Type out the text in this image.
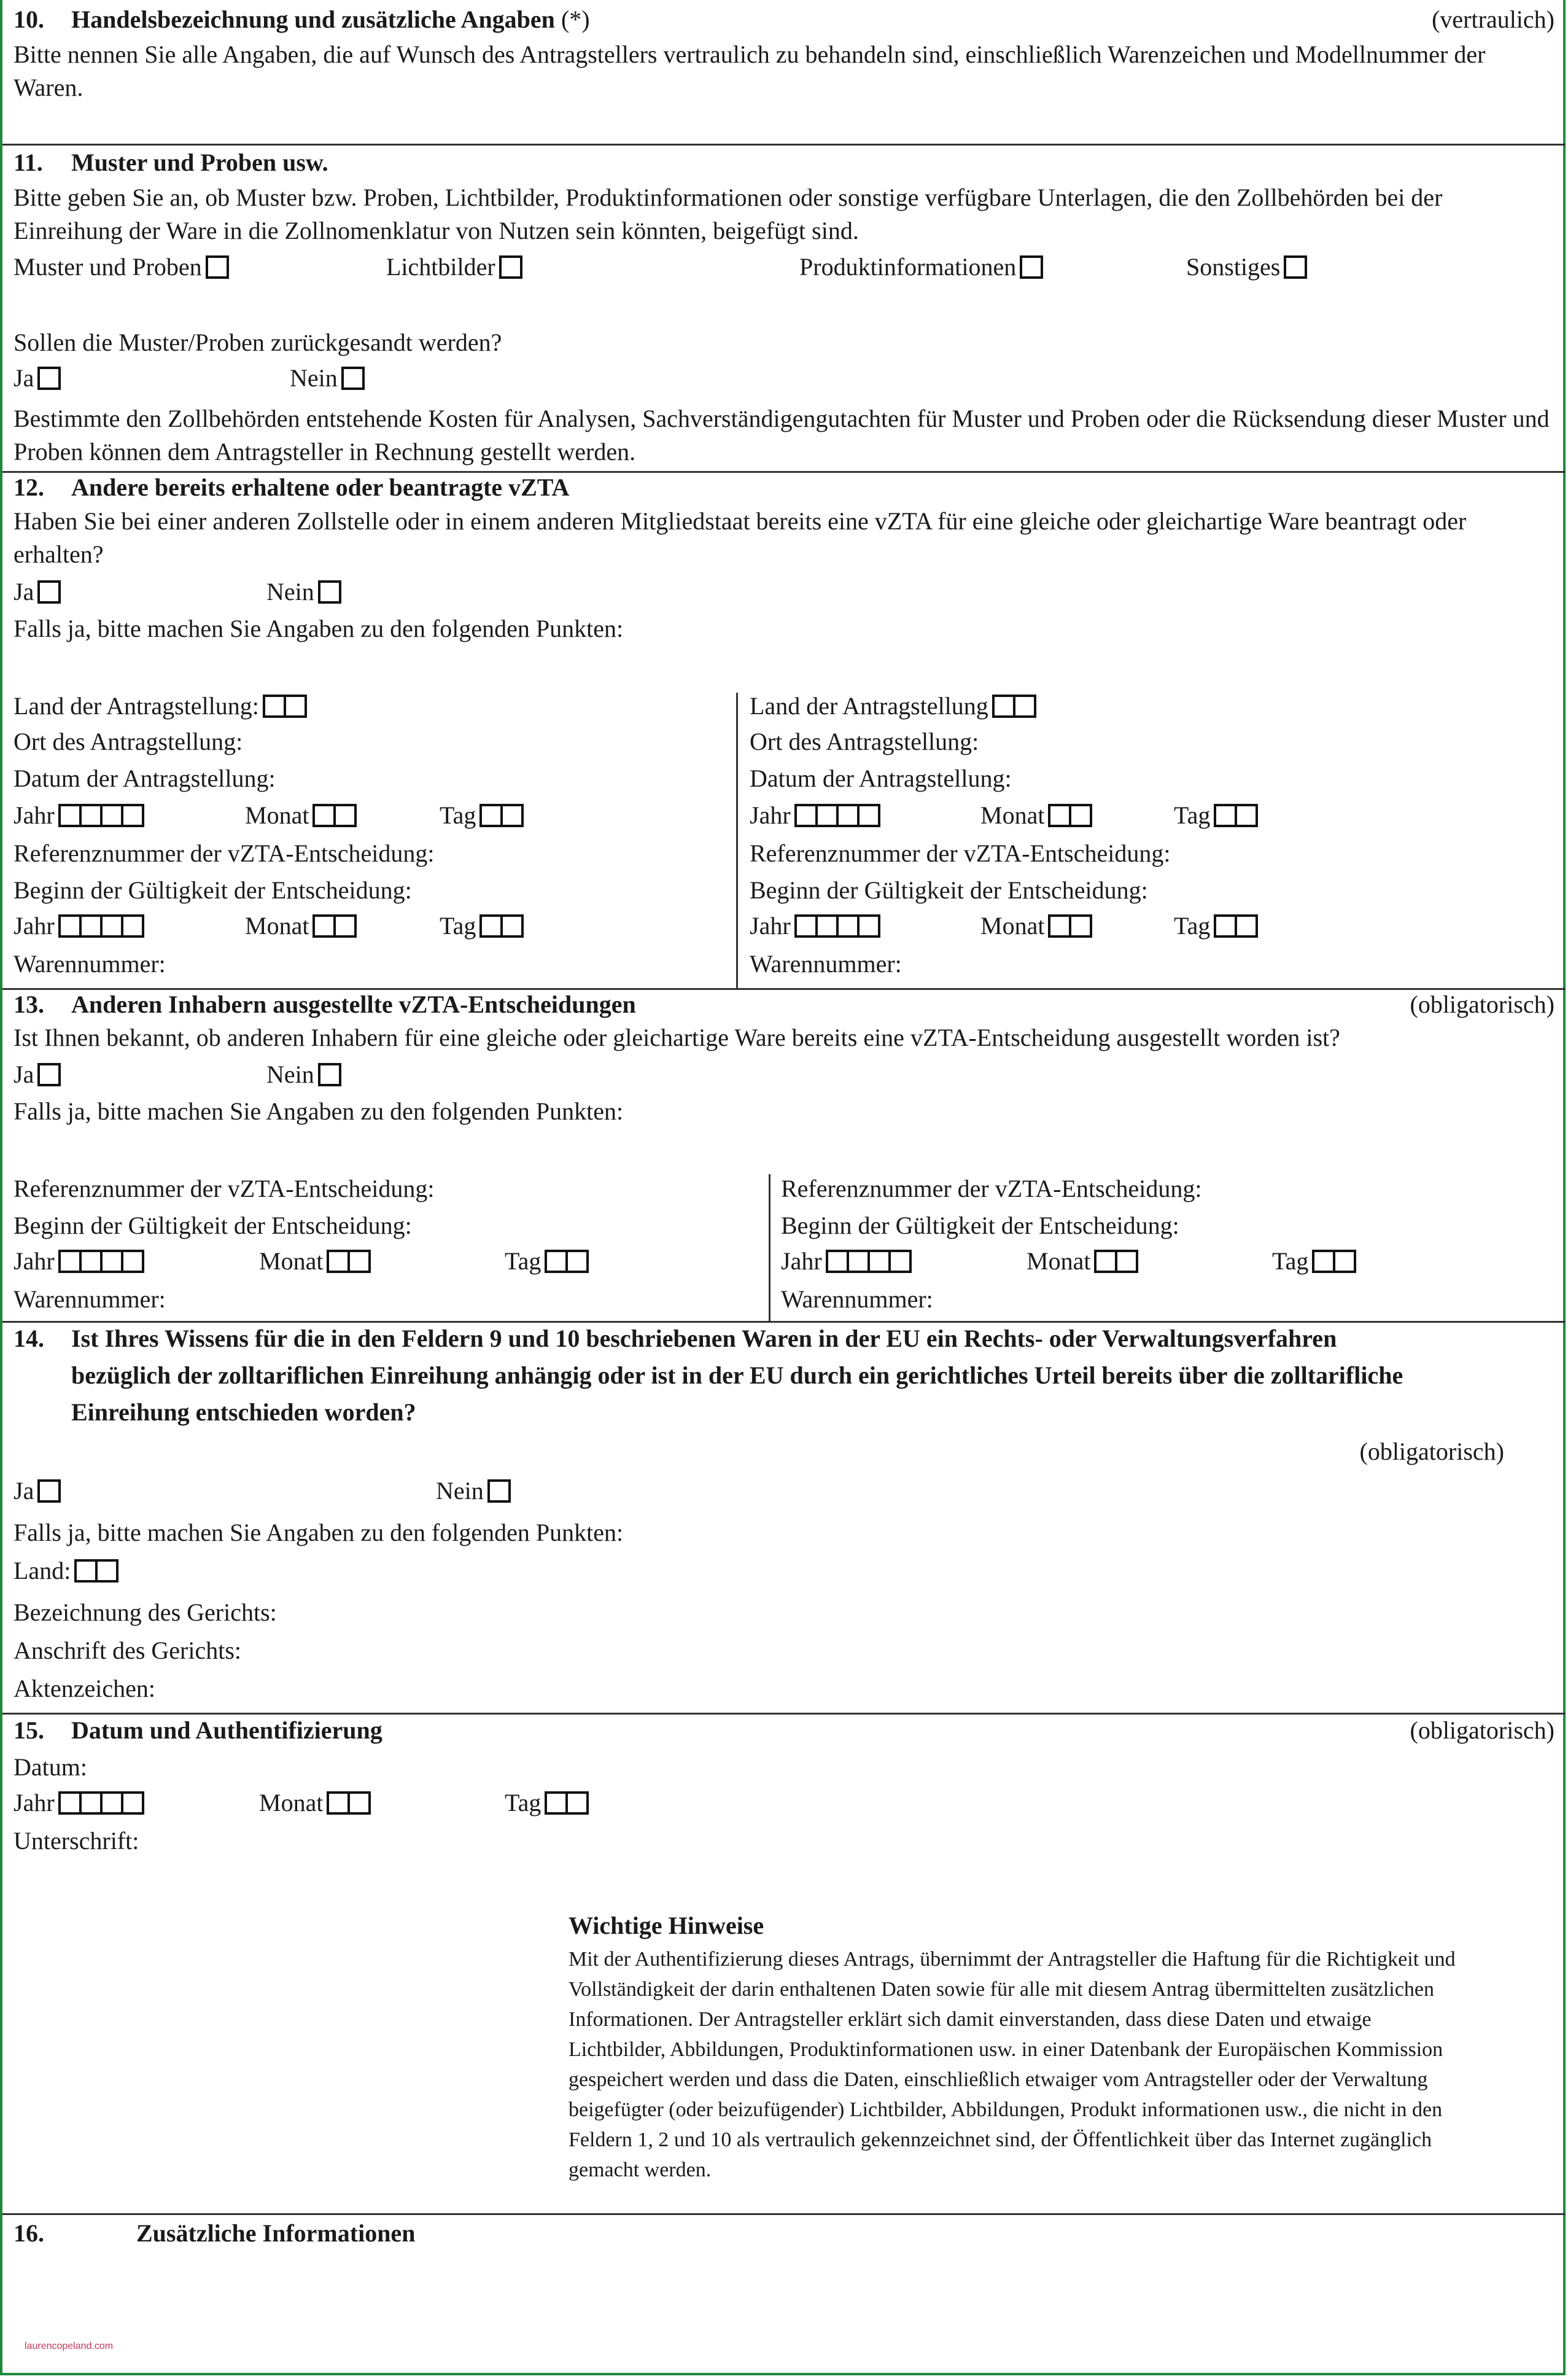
10. Handelsbezeichnung und zusätzliche Angaben (*)	(vertraulich)
Bitte nennen Sie alle Angaben, die auf Wunsch des Antragstellers vertraulich zu behandeln sind, einschließlich Warenzeichen und Modellnummer der Waren.
11. Muster und Proben usw.
Bitte geben Sie an, ob Muster bzw. Proben, Lichtbilder, Produktinformationen oder sonstige verfügbare Unterlagen, die den Zollbehörden bei der Einreihung der Ware in die Zollnomenklatur von Nutzen sein könnten, beigefügt sind.
Muster und Proben	Lichtbilder	Produktinformationen	Sonstiges
Sollen die Muster/Proben zurückgesandt werden?
Ja	Nein
Bestimmte den Zollbehörden entstehende Kosten für Analysen, Sachverständigengutachten für Muster und Proben oder die Rücksendung dieser Muster und Proben können dem Antragsteller in Rechnung gestellt werden.
12. Andere bereits erhaltene oder beantragte vZTA
Haben Sie bei einer anderen Zollstelle oder in einem anderen Mitgliedstaat bereits eine vZTA für eine gleiche oder gleichartige Ware beantragt oder erhalten?
Ja	Nein
Falls ja, bitte machen Sie Angaben zu den folgenden Punkten:
Land der Antragstellung:
Ort des Antragstellung:
Datum der Antragstellung:
Jahr	Monat	Tag
Referenznummer der vZTA-Entscheidung:
Beginn der Gültigkeit der Entscheidung:
Jahr	Monat	Tag
Warennummer:
Land der Antragstellung
Ort des Antragstellung:
Datum der Antragstellung:
Jahr	Monat	Tag
Referenznummer der vZTA-Entscheidung:
Beginn der Gültigkeit der Entscheidung:
Jahr	Monat	Tag
Warennummer:
13. Anderen Inhabern ausgestellte vZTA-Entscheidungen	(obligatorisch)
Ist Ihnen bekannt, ob anderen Inhabern für eine gleiche oder gleichartige Ware bereits eine vZTA-Entscheidung ausgestellt worden ist?
Ja	Nein
Falls ja, bitte machen Sie Angaben zu den folgenden Punkten:
Referenznummer der vZTA-Entscheidung:
Beginn der Gültigkeit der Entscheidung:
Jahr	Monat	Tag
Warennummer:
Referenznummer der vZTA-Entscheidung:
Beginn der Gültigkeit der Entscheidung:
Jahr	Monat	Tag
Warennummer:
14. Ist Ihres Wissens für die in den Feldern 9 und 10 beschriebenen Waren in der EU ein Rechts- oder Verwaltungsverfahren
bezüglich der zolltariflichen Einreihung anhängig oder ist in der EU durch ein gerichtliches Urteil bereits über die zolltarifliche
Einreihung entschieden worden?
(obligatorisch)
Ja	Nein
Falls ja, bitte machen Sie Angaben zu den folgenden Punkten:
Land:
Bezeichnung des Gerichts:
Anschrift des Gerichts:
Aktenzeichen:
15. Datum und Authentifizierung	(obligatorisch)
Datum:
Jahr	Monat	Tag
Unterschrift:
Wichtige Hinweise
Mit der Authentifizierung dieses Antrags, übernimmt der Antragsteller die Haftung für die Richtigkeit und
Vollständigkeit der darin enthaltenen Daten sowie für alle mit diesem Antrag übermittelten zusätzlichen
Informationen. Der Antragsteller erklärt sich damit einverstanden, dass diese Daten und etwaige
Lichtbilder, Abbildungen, Produktinformationen usw. in einer Datenbank der Europäischen Kommission
gespeichert werden und dass die Daten, einschließlich etwaiger vom Antragsteller oder der Verwaltung
beigefügter (oder beizufügender) Lichtbilder, Abbildungen, Produkt informationen usw., die nicht in den
Feldern 1, 2 und 10 als vertraulich gekennzeichnet sind, der Öffentlichkeit über das Internet zugänglich
gemacht werden.
16.	Zusätzliche Informationen
laurencopeland.com
